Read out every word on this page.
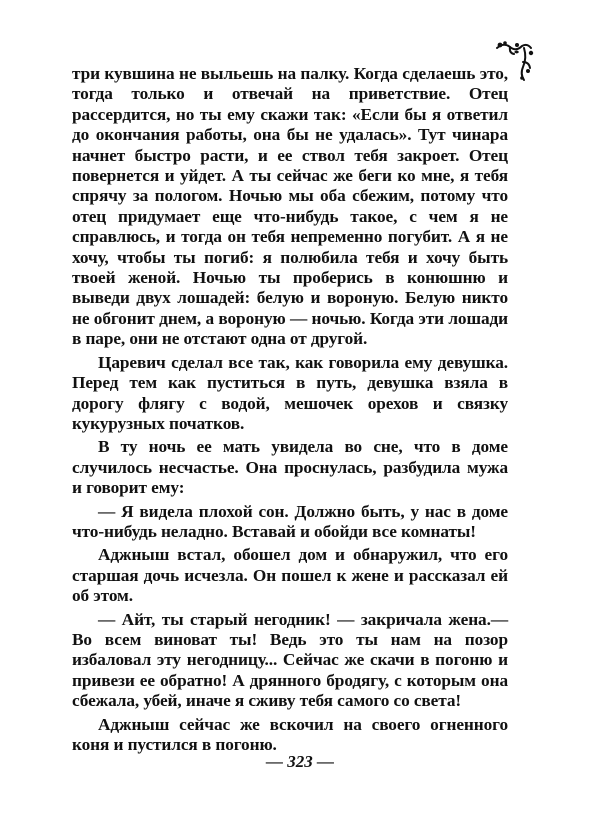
три кувшина не выльешь на палку. Когда сделаешь это, тогда только и отвечай на приветствие. Отец рассердится, но ты ему скажи так: «Если бы я ответил до окончания работы, она бы не удалась». Тут чинара начнет быстро расти, и ее ствол тебя закроет. Отец повернется и уйдет. А ты сейчас же беги ко мне, я тебя спрячу за пологом. Ночью мы оба сбежим, потому что отец придумает еще что-нибудь такое, с чем я не справлюсь, и тогда он тебя непременно погубит. А я не хочу, чтобы ты погиб: я полюбила тебя и хочу быть твоей женой. Ночью ты проберись в конюшню и выведи двух лошадей: белую и вороную. Белую никто не обгонит днем, а вороную — ночью. Когда эти лошади в паре, они не отстают одна от другой.

Царевич сделал все так, как говорила ему девушка. Перед тем как пуститься в путь, девушка взяла в дорогу флягу с водой, мешочек орехов и связку кукурузных початков.

В ту ночь ее мать увидела во сне, что в доме случилось несчастье. Она проснулась, разбудила мужа и говорит ему:

— Я видела плохой сон. Должно быть, у нас в доме что-нибудь неладно. Вставай и обойди все комнаты!

Аджныш встал, обошел дом и обнаружил, что его старшая дочь исчезла. Он пошел к жене и рассказал ей об этом.

— Айт, ты старый негодник! — закричала жена.— Во всем виноват ты! Ведь это ты нам на позор избаловал эту негодницу... Сейчас же скачи в погоню и привези ее обратно! А дрянного бродягу, с которым она сбежала, убей, иначе я сживу тебя самого со света!

Аджныш сейчас же вскочил на своего огненного коня и пустился в погоню.

— 323 —
